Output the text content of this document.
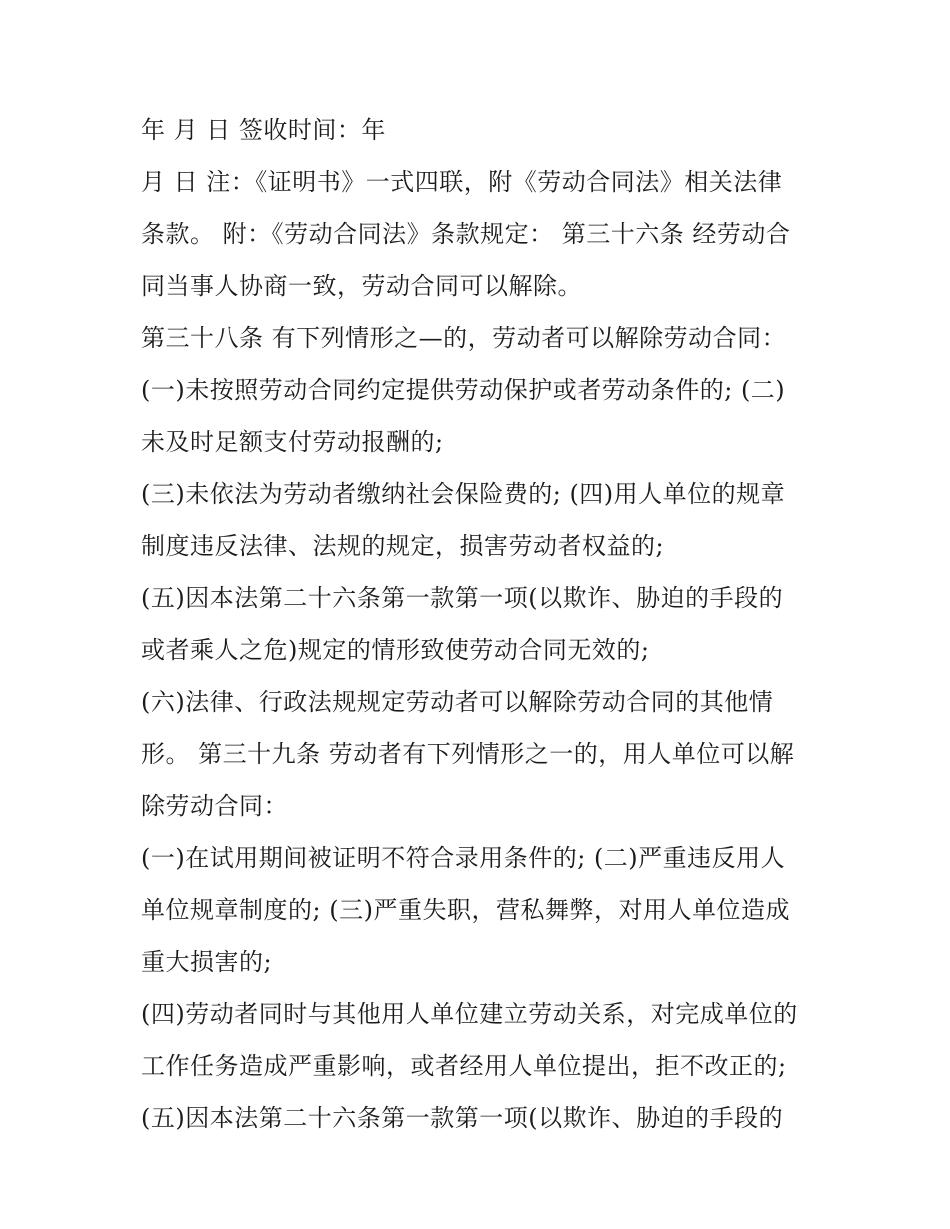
年 月 日 签收时间：年
月 日 注：《证明书》一式四联，附《劳动合同法》相关法律
条款。 附：《劳动合同法》条款规定： 第三十六条 经劳动合
同当事人协商一致，劳动合同可以解除。
第三十八条 有下列情形之—的，劳动者可以解除劳动合同：
(一)未按照劳动合同约定提供劳动保护或者劳动条件的; (二)
未及时足额支付劳动报酬的;
(三)未依法为劳动者缴纳社会保险费的; (四)用人单位的规章
制度违反法律、法规的规定，损害劳动者权益的;
(五)因本法第二十六条第一款第一项(以欺诈、胁迫的手段的
或者乘人之危)规定的情形致使劳动合同无效的;
(六)法律、行政法规规定劳动者可以解除劳动合同的其他情
形。 第三十九条 劳动者有下列情形之一的，用人单位可以解
除劳动合同：
(一)在试用期间被证明不符合录用条件的; (二)严重违反用人
单位规章制度的; (三)严重失职，营私舞弊，对用人单位造成
重大损害的;
(四)劳动者同时与其他用人单位建立劳动关系，对完成单位的
工作任务造成严重影响，或者经用人单位提出，拒不改正的;
(五)因本法第二十六条第一款第一项(以欺诈、胁迫的手段的
